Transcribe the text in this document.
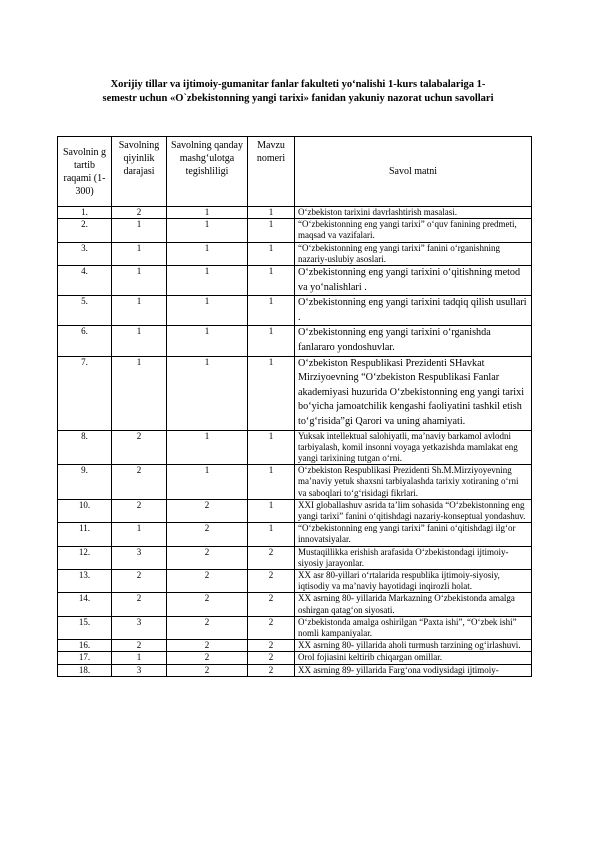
Xorijiy tillar va ijtimoiy-gumanitar fanlar fakulteti yo‘nalishi 1-kurs talabalariga 1-
semestr uchun «O`zbekistonning yangi tarixi» fanidan yakuniy nazorat uchun savollari
Savolnin g tartib raqami (1-300)	Savolning qiyinlik darajasi	Savolning qanday mashg‘ulotga tegishliligi	Mavzu nomeri	Savol matni
1.	2	1	1	O‘zbekiston tarixini davrlashtirish masalasi.
2.	1	1	1	“O‘zbekistonning eng yangi tarixi” o‘quv fanining predmeti, maqsad va vazifalari.
3.	1	1	1	“O‘zbekistonning eng yangi tarixi” fanini o‘rganishning nazariy-uslubiy asoslari.
4.	1	1	1	O‘zbekistonning eng yangi tarixini o‘qitishning metod va yo‘nalishlari .
5.	1	1	1	O‘zbekistonning eng yangi tarixini tadqiq qilish usullari .
6.	1	1	1	O‘zbekistonning eng yangi tarixini o‘rganishda fanlararo yondoshuvlar.
7.	1	1	1	O‘zbekiston Respublikasi Prezidenti SHavkat Mirziyoevning “O‘zbekiston Respublikasi Fanlar akademiyasi huzurida O‘zbekistonning eng yangi tarixi bo‘yicha jamoatchilik kengashi faoliyatini tashkil etish to‘g‘risida”gi Qarori va uning ahamiyati.
8.	2	1	1	Yuksak intellektual salohiyatli, ma’naviy barkamol avlodni tarbiyalash, komil insonni voyaga yetkazishda mamlakat eng yangi tarixining tutgan o‘rni.
9.	2	1	1	O‘zbekiston Respublikasi Prezidenti Sh.M.Mirziyoyevning ma’naviy yetuk shaxsni tarbiyalashda tarixiy xotiraning o‘rni va saboqlari to‘g‘risidagi fikrlari.
10.	2	2	1	XXI globallashuv asrida ta’lim sohasida “O‘zbekistonning eng yangi tarixi” fanini o‘qitishdagi nazariy-konseptual yondashuv.
11.	1	2	1	“O‘zbekistonning eng yangi tarixi” fanini o‘qitishdagi ilg‘or innovatsiyalar.
12.	3	2	2	Mustaqillikka erishish arafasida O‘zbekistondagi ijtimoiy-siyosiy jarayonlar.
13.	2	2	2	XX asr 80-yillari o‘rtalarida respublika ijtimoiy-siyosiy, iqtisodiy va ma’naviy hayotidagi inqirozli holat.
14.	2	2	2	XX asrning 80- yillarida Markazning O‘zbekistonda amalga oshirgan qatag‘on siyosati.
15.	3	2	2	O‘zbekistonda amalga oshirilgan “Paxta ishi”, “O‘zbek ishi” nomli kampaniyalar.
16.	2	2	2	XX asrning 80- yillarida aholi turmush tarzining og‘irlashuvi.
17.	1	2	2	Orol fojiasini keltirib chiqargan omillar.
18.	3	2	2	XX asrning 89- yillarida Farg‘ona vodiysidagi ijtimoiy-
